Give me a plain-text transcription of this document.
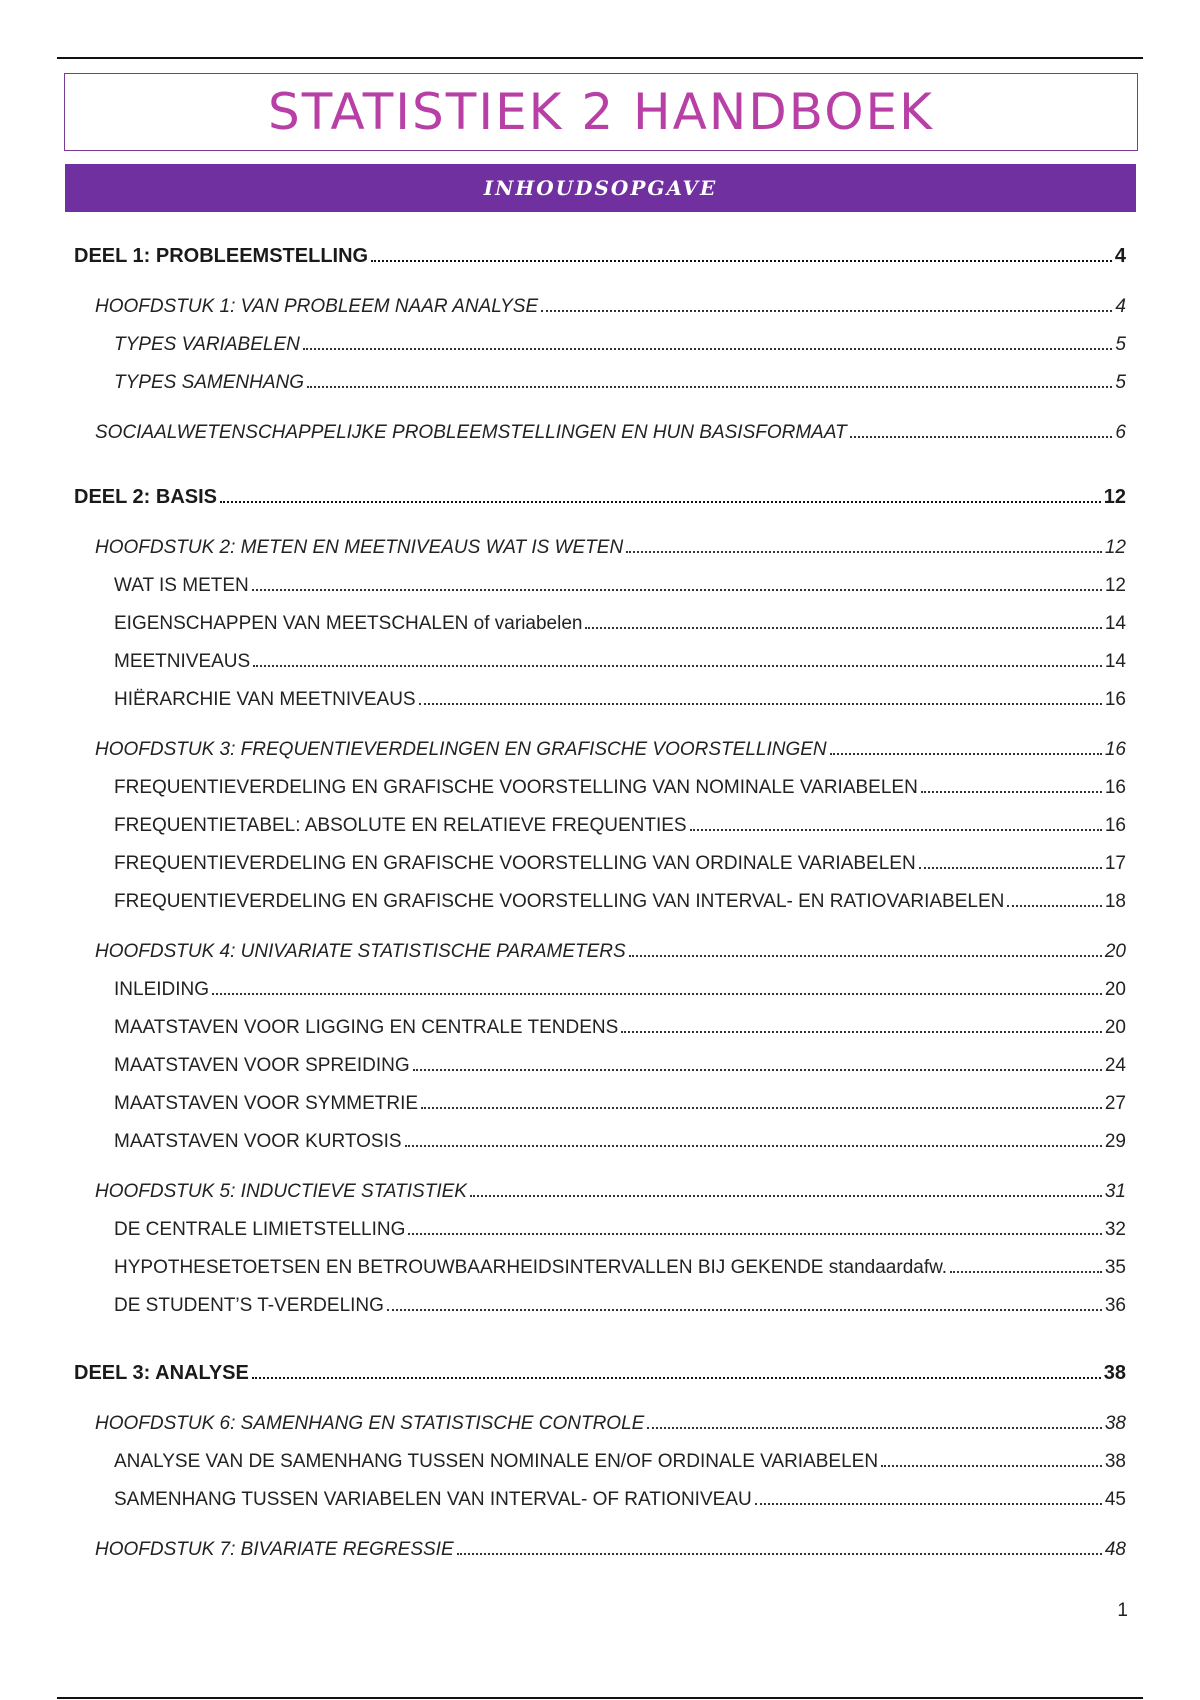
STATISTIEK 2 HANDBOEK
INHOUDSOPGAVE
DEEL 1: PROBLEEMSTELLING	4
HOOFDSTUK 1: VAN PROBLEEM NAAR ANALYSE	4
TYPES VARIABELEN	5
TYPES SAMENHANG	5
SOCIAALWETENSCHAPPELIJKE PROBLEEMSTELLINGEN EN HUN BASISFORMAAT	6
DEEL 2: BASIS	12
HOOFDSTUK 2: METEN EN MEETNIVEAUS WAT IS WETEN	12
WAT IS METEN	12
EIGENSCHAPPEN VAN MEETSCHALEN of variabelen	14
MEETNIVEAUS	14
HIËRARCHIE VAN MEETNIVEAUS	16
HOOFDSTUK 3: FREQUENTIEVERDELINGEN EN GRAFISCHE VOORSTELLINGEN	16
FREQUENTIEVERDELING EN GRAFISCHE VOORSTELLING VAN NOMINALE VARIABELEN	16
FREQUENTIETABEL: ABSOLUTE EN RELATIEVE FREQUENTIES	16
FREQUENTIEVERDELING EN GRAFISCHE VOORSTELLING VAN ORDINALE VARIABELEN	17
FREQUENTIEVERDELING EN GRAFISCHE VOORSTELLING VAN INTERVAL- EN RATIOVARIABELEN	18
HOOFDSTUK 4: UNIVARIATE STATISTISCHE PARAMETERS	20
INLEIDING	20
MAATSTAVEN VOOR LIGGING EN CENTRALE TENDENS	20
MAATSTAVEN VOOR SPREIDING	24
MAATSTAVEN VOOR SYMMETRIE	27
MAATSTAVEN VOOR KURTOSIS	29
HOOFDSTUK 5: INDUCTIEVE STATISTIEK	31
DE CENTRALE LIMIETSTELLING	32
HYPOTHESETOETSEN EN BETROUWBAARHEIDSINTERVALLEN BIJ GEKENDE standaardafw.	35
DE STUDENT’S T-VERDELING	36
DEEL 3: ANALYSE	38
HOOFDSTUK 6: SAMENHANG EN STATISTISCHE CONTROLE	38
ANALYSE VAN DE SAMENHANG TUSSEN NOMINALE EN/OF ORDINALE VARIABELEN	38
SAMENHANG TUSSEN VARIABELEN VAN INTERVAL- OF RATIONIVEAU	45
HOOFDSTUK 7: BIVARIATE REGRESSIE	48
1
